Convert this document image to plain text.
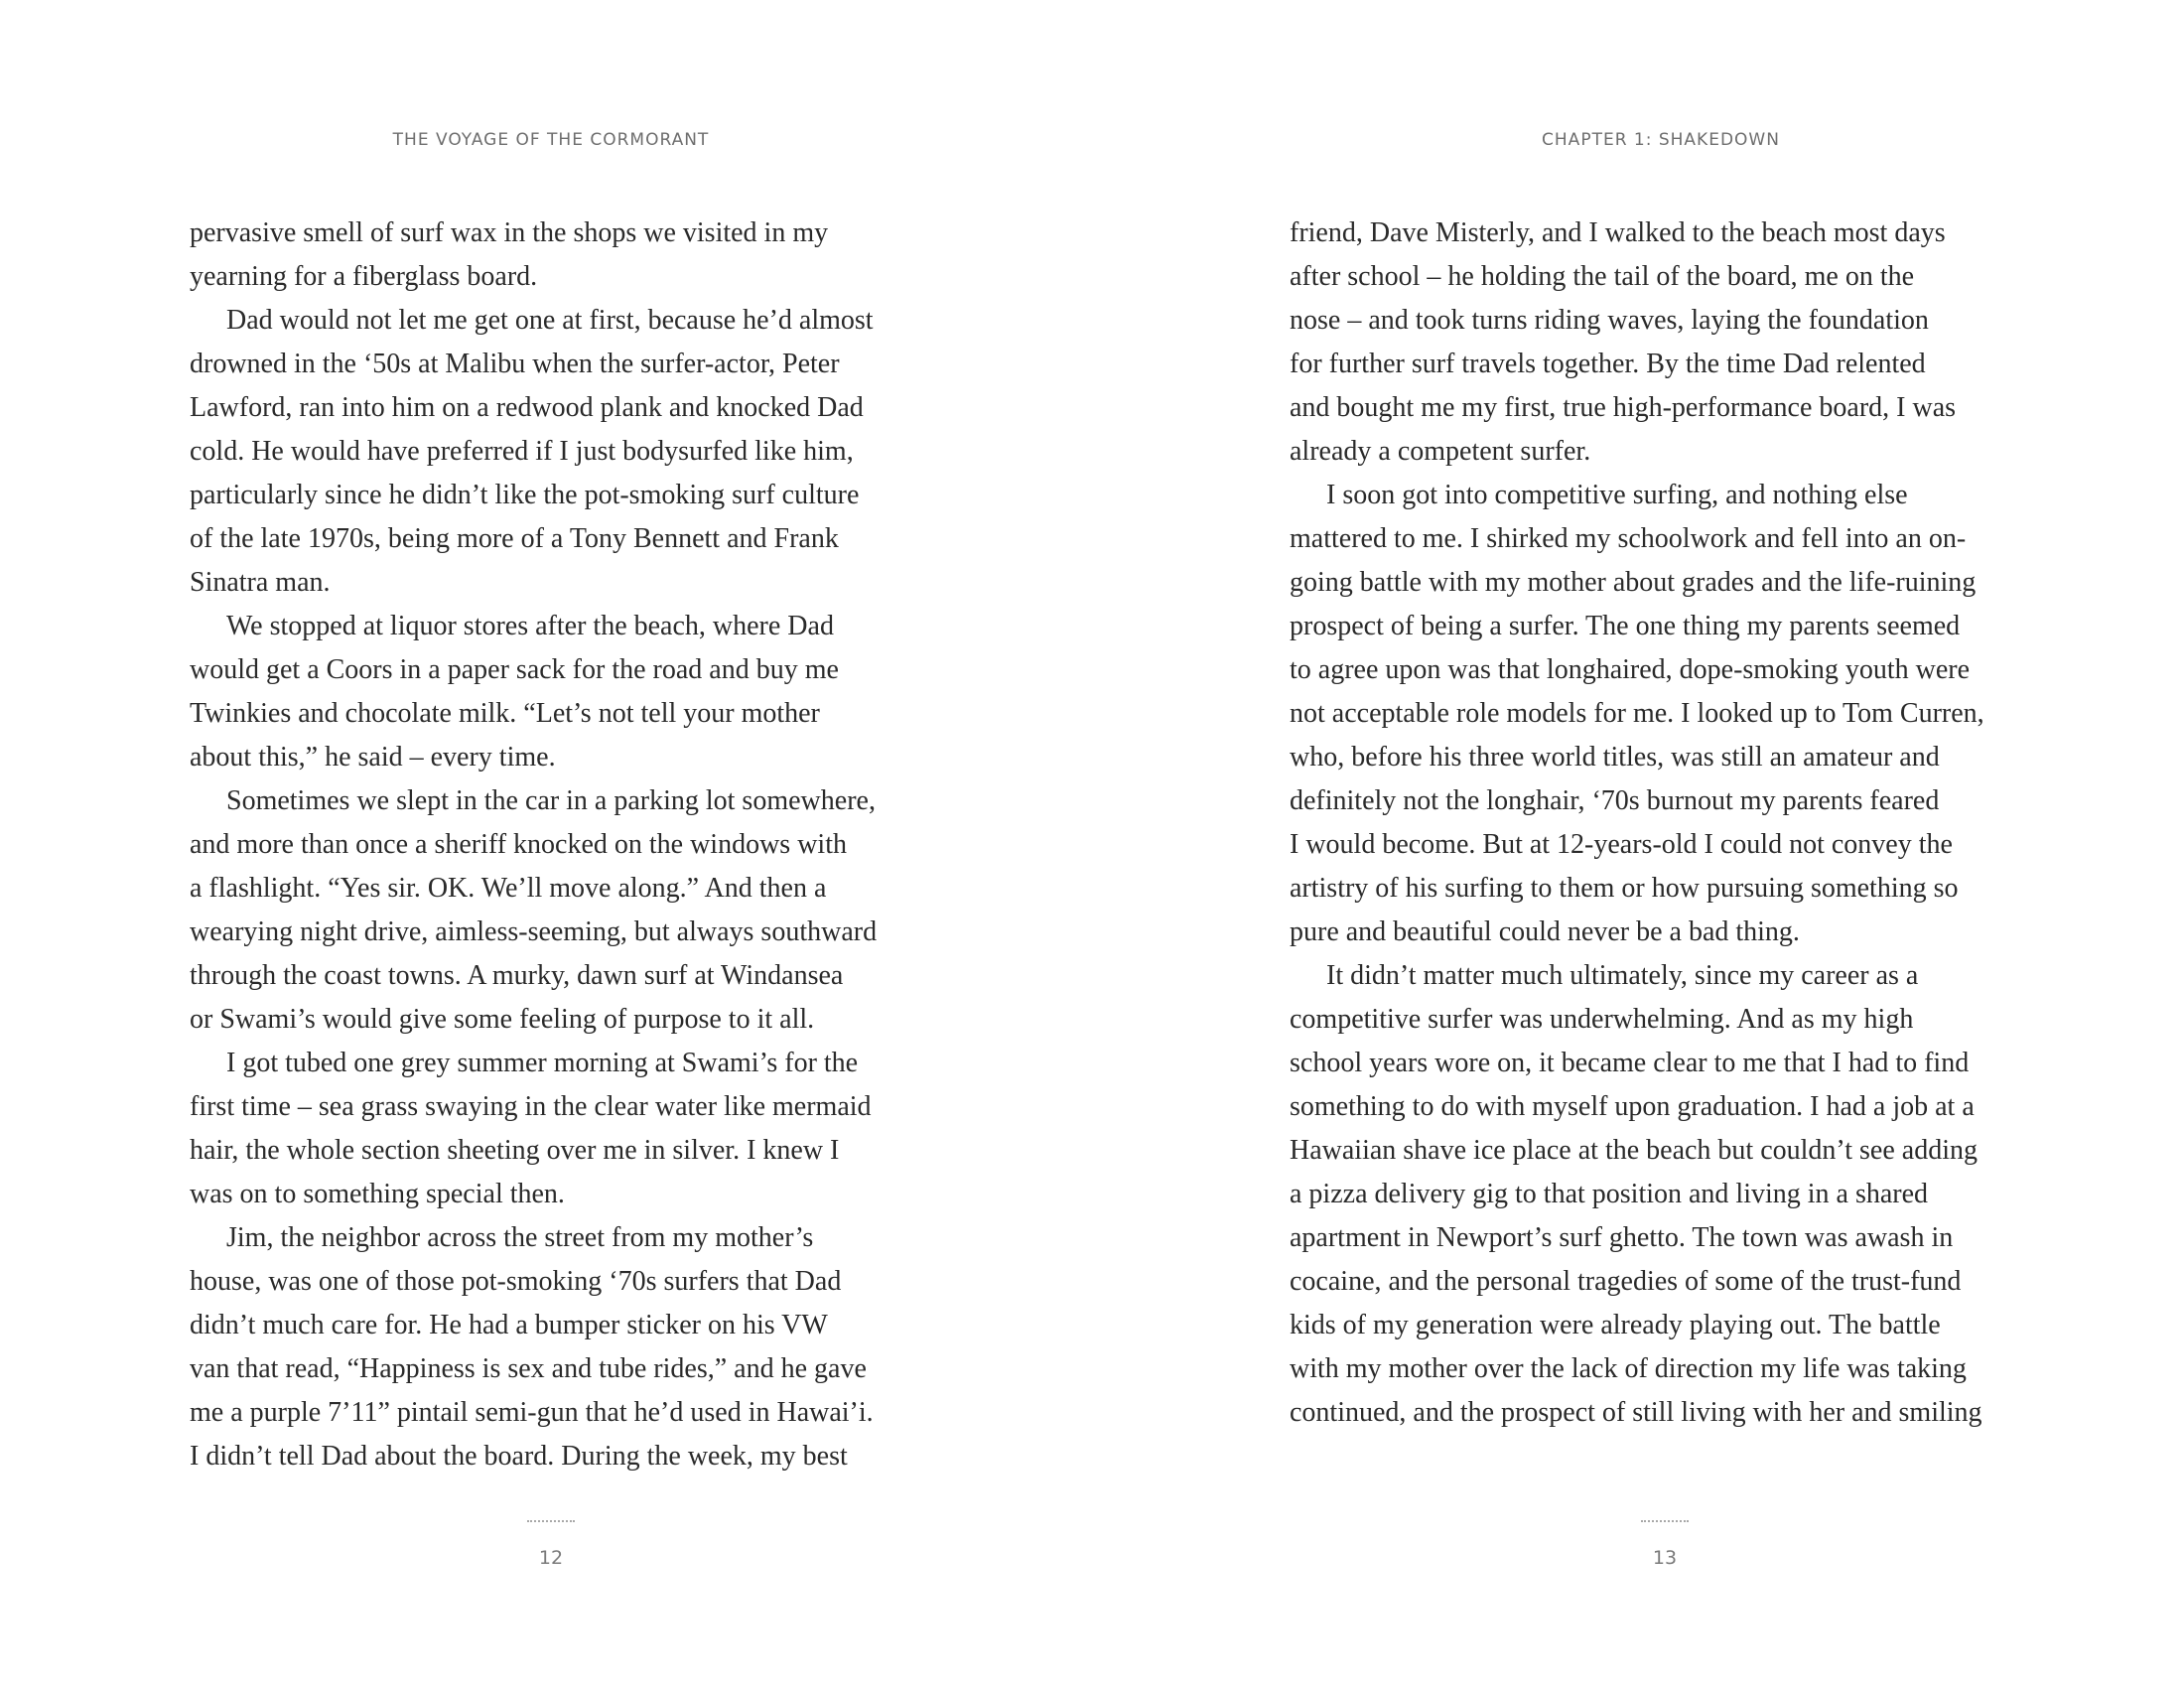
THE VOYAGE OF THE CORMORANT
pervasive smell of surf wax in the shops we visited in my
yearning for a fiberglass board.
Dad would not let me get one at first, because he’d almost
drowned in the ‘50s at Malibu when the surfer-actor, Peter
Lawford, ran into him on a redwood plank and knocked Dad
cold. He would have preferred if I just bodysurfed like him,
particularly since he didn’t like the pot-smoking surf culture
of the late 1970s, being more of a Tony Bennett and Frank
Sinatra man.
We stopped at liquor stores after the beach, where Dad
would get a Coors in a paper sack for the road and buy me
Twinkies and chocolate milk. “Let’s not tell your mother
about this,” he said – every time.
Sometimes we slept in the car in a parking lot somewhere,
and more than once a sheriff knocked on the windows with
a flashlight. “Yes sir. OK. We’ll move along.” And then a
wearying night drive, aimless-seeming, but always southward
through the coast towns. A murky, dawn surf at Windansea
or Swami’s would give some feeling of purpose to it all.
I got tubed one grey summer morning at Swami’s for the
first time – sea grass swaying in the clear water like mermaid
hair, the whole section sheeting over me in silver. I knew I
was on to something special then.
Jim, the neighbor across the street from my mother’s
house, was one of those pot-smoking ‘70s surfers that Dad
didn’t much care for. He had a bumper sticker on his VW
van that read, “Happiness is sex and tube rides,” and he gave
me a purple 7’11” pintail semi-gun that he’d used in Hawai’i.
I didn’t tell Dad about the board. During the week, my best
12
CHAPTER 1: SHAKEDOWN
friend, Dave Misterly, and I walked to the beach most days
after school – he holding the tail of the board, me on the
nose – and took turns riding waves, laying the foundation
for further surf travels together. By the time Dad relented
and bought me my first, true high-performance board, I was
already a competent surfer.
I soon got into competitive surfing, and nothing else
mattered to me. I shirked my schoolwork and fell into an on-
going battle with my mother about grades and the life-ruining
prospect of being a surfer. The one thing my parents seemed
to agree upon was that longhaired, dope-smoking youth were
not acceptable role models for me. I looked up to Tom Curren,
who, before his three world titles, was still an amateur and
definitely not the longhair, ‘70s burnout my parents feared
I would become. But at 12-years-old I could not convey the
artistry of his surfing to them or how pursuing something so
pure and beautiful could never be a bad thing.
It didn’t matter much ultimately, since my career as a
competitive surfer was underwhelming. And as my high
school years wore on, it became clear to me that I had to find
something to do with myself upon graduation. I had a job at a
Hawaiian shave ice place at the beach but couldn’t see adding
a pizza delivery gig to that position and living in a shared
apartment in Newport’s surf ghetto. The town was awash in
cocaine, and the personal tragedies of some of the trust-fund
kids of my generation were already playing out. The battle
with my mother over the lack of direction my life was taking
continued, and the prospect of still living with her and smiling
13
